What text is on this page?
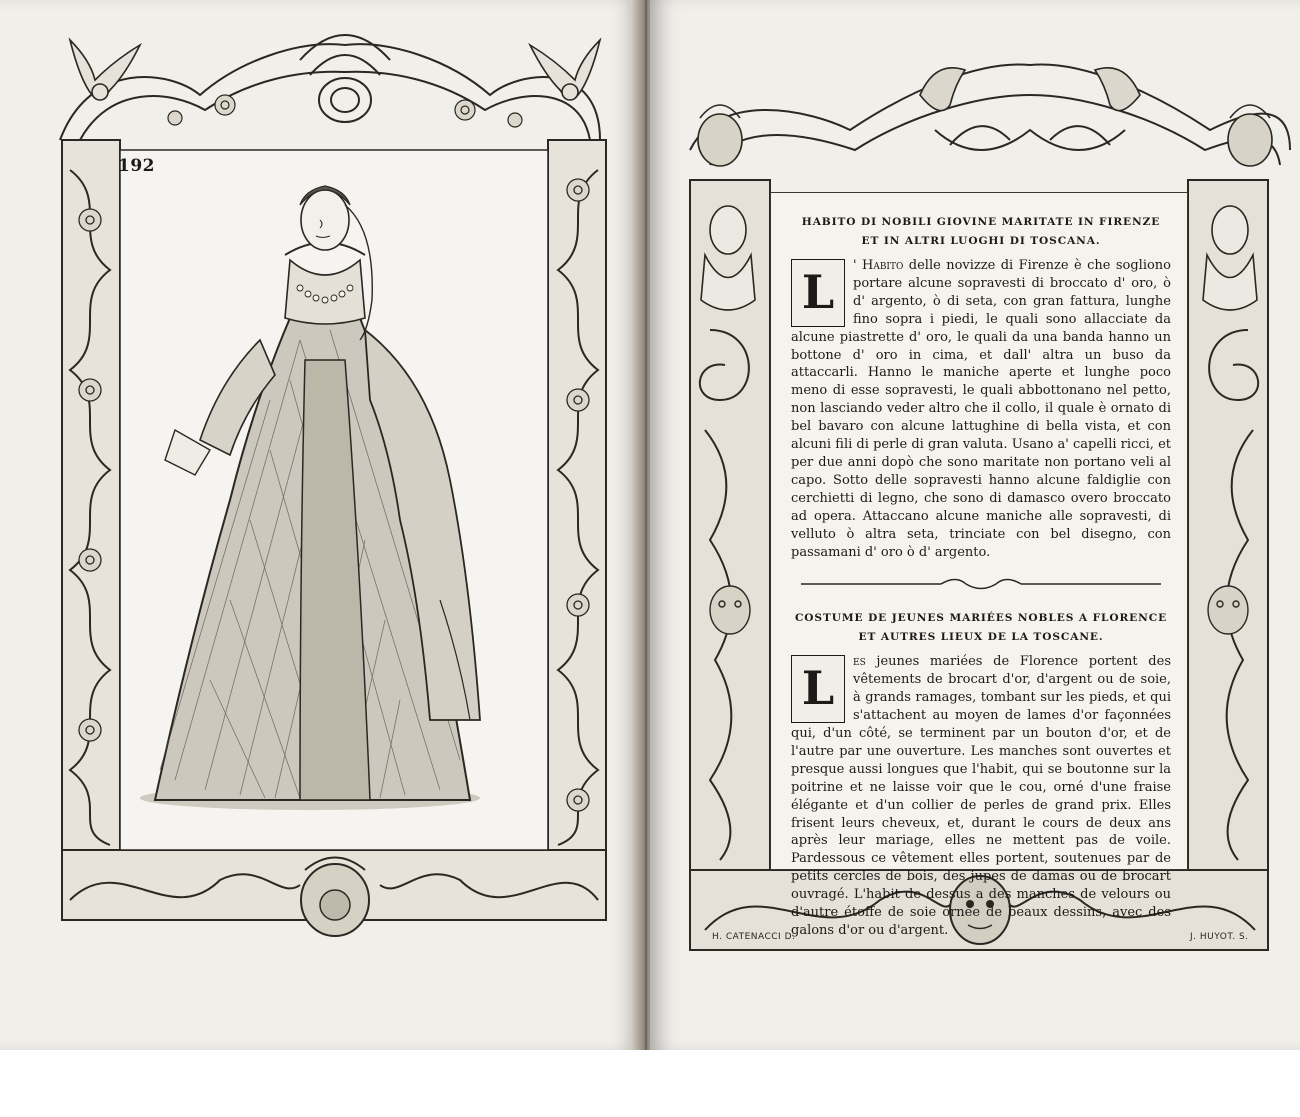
192
H. CATENACCI D.	J. HUYOT. S.
HABITO DI NOBILI GIOVINE MARITATE IN FIRENZE ET IN ALTRI LUOGHI DI TOSCANA.

L	' Habito delle novizze di Firenze è che sogliono portare alcune sopravesti di broccato d' oro, ò d' argento, ò di seta, con gran fattura, lunghe fino sopra i piedi, le quali sono allacciate da alcune piastrette d' oro, le quali da una banda hanno un bottone d' oro in cima, et dall' altra un buso da attaccarli. Hanno le maniche aperte et lunghe poco meno di esse sopravesti, le quali abbottonano nel petto, non lasciando veder altro che il collo, il quale è ornato di bel bavaro con alcune lattughine di bella vista, et con alcuni fili di perle di gran valuta. Usano a' capelli ricci, et per due anni dopò che sono maritate non portano veli al capo. Sotto delle sopravesti hanno alcune faldiglie con cerchietti di legno, che sono di damasco overo broccato ad opera. Attaccano alcune maniche alle sopravesti, di velluto ò altra seta, trinciate con bel disegno, con passamani d' oro ò d' argento.

COSTUME DE JEUNES MARIÉES NOBLES A FLORENCE ET AUTRES LIEUX DE LA TOSCANE.

L	es jeunes mariées de Florence portent des vêtements de brocart d'or, d'argent ou de soie, à grands ramages, tombant sur les pieds, et qui s'attachent au moyen de lames d'or façonnées qui, d'un côté, se terminent par un bouton d'or, et de l'autre par une ouverture. Les manches sont ouvertes et presque aussi longues que l'habit, qui se boutonne sur la poitrine et ne laisse voir que le cou, orné d'une fraise élégante et d'un collier de perles de grand prix. Elles frisent leurs cheveux, et, durant le cours de deux ans après leur mariage, elles ne mettent pas de voile. Pardessous ce vêtement elles portent, soutenues par de petits cercles de bois, des jupes de damas ou de brocart ouvragé. L'habit de dessus a des manches de velours ou d'autre étoffe de soie ornée de beaux dessins, avec des galons d'or ou d'argent.
